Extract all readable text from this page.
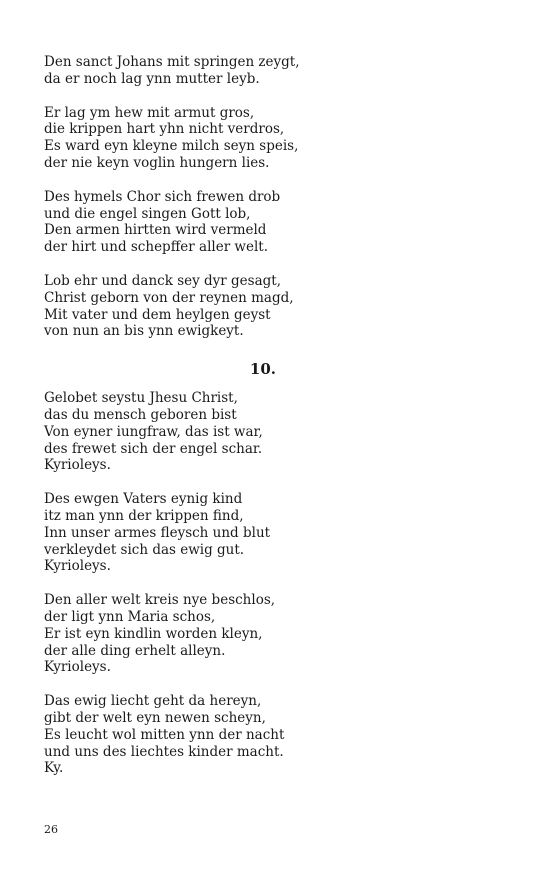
Den sanct Johans mit springen zeygt,
da er noch lag ynn mutter leyb.
Er lag ym hew mit armut gros,
die krippen hart yhn nicht verdros,
Es ward eyn kleyne milch seyn speis,
der nie keyn voglin hungern lies.
Des hymels Chor sich frewen drob
und die engel singen Gott lob,
Den armen hirtten wird vermeld
der hirt und schepffer aller welt.
Lob ehr und danck sey dyr gesagt,
Christ geborn von der reynen magd,
Mit vater und dem heylgen geyst
von nun an bis ynn ewigkeyt.
10.
Gelobet seystu Jhesu Christ,
das du mensch geboren bist
Von eyner iungfraw, das ist war,
des frewet sich der engel schar.
Kyrioleys.
Des ewgen Vaters eynig kind
itz man ynn der krippen find,
Inn unser armes fleysch und blut
verkleydet sich das ewig gut.
Kyrioleys.
Den aller welt kreis nye beschlos,
der ligt ynn Maria schos,
Er ist eyn kindlin worden kleyn,
der alle ding erhelt alleyn.
Kyrioleys.
Das ewig liecht geht da hereyn,
gibt der welt eyn newen scheyn,
Es leucht wol mitten ynn der nacht
und uns des liechtes kinder macht.
Ky.
26
